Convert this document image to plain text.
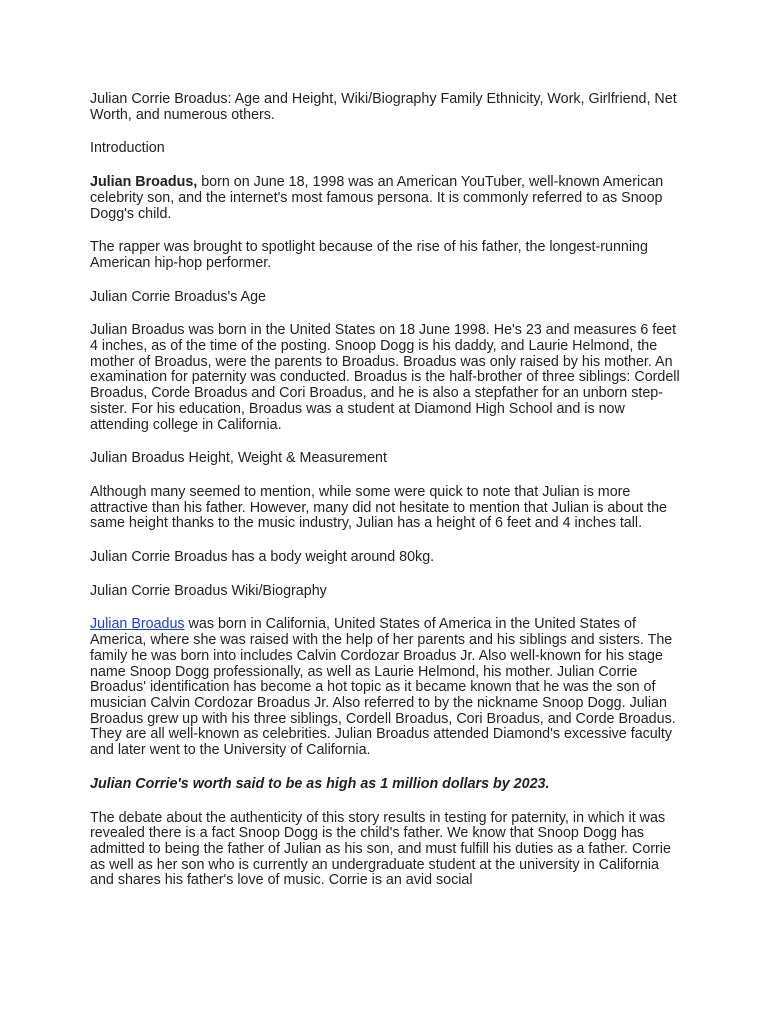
Julian Corrie Broadus: Age and Height, Wiki/Biography Family Ethnicity, Work, Girlfriend, Net Worth, and numerous others.

Introduction

Julian Broadus, born on June 18, 1998 was an American YouTuber, well-known American celebrity son, and the internet's most famous persona. It is commonly referred to as Snoop Dogg's child.

The rapper was brought to spotlight because of the rise of his father, the longest-running American hip-hop performer.

Julian Corrie Broadus's Age

Julian Broadus was born in the United States on 18 June 1998. He's 23 and measures 6 feet 4 inches, as of the time of the posting. Snoop Dogg is his daddy, and Laurie Helmond, the mother of Broadus, were the parents to Broadus. Broadus was only raised by his mother. An examination for paternity was conducted. Broadus is the half-brother of three siblings: Cordell Broadus, Corde Broadus and Cori Broadus, and he is also a stepfather for an unborn step-sister. For his education, Broadus was a student at Diamond High School and is now attending college in California.

Julian Broadus Height, Weight & Measurement

Although many seemed to mention, while some were quick to note that Julian is more attractive than his father. However, many did not hesitate to mention that Julian is about the same height thanks to the music industry, Julian has a height of 6 feet and 4 inches tall.

Julian Corrie Broadus has a body weight around 80kg.

Julian Corrie Broadus Wiki/Biography

Julian Broadus was born in California, United States of America in the United States of America, where she was raised with the help of her parents and his siblings and sisters. The family he was born into includes Calvin Cordozar Broadus Jr. Also well-known for his stage name Snoop Dogg professionally, as well as Laurie Helmond, his mother. Julian Corrie Broadus' identification has become a hot topic as it became known that he was the son of musician Calvin Cordozar Broadus Jr. Also referred to by the nickname Snoop Dogg. Julian Broadus grew up with his three siblings, Cordell Broadus, Cori Broadus, and Corde Broadus. They are all well-known as celebrities. Julian Broadus attended Diamond's excessive faculty and later went to the University of California.

Julian Corrie's worth said to be as high as 1 million dollars by 2023.

The debate about the authenticity of this story results in testing for paternity, in which it was revealed there is a fact Snoop Dogg is the child's father. We know that Snoop Dogg has admitted to being the father of Julian as his son, and must fulfill his duties as a father. Corrie as well as her son who is currently an undergraduate student at the university in California and shares his father's love of music. Corrie is an avid social
